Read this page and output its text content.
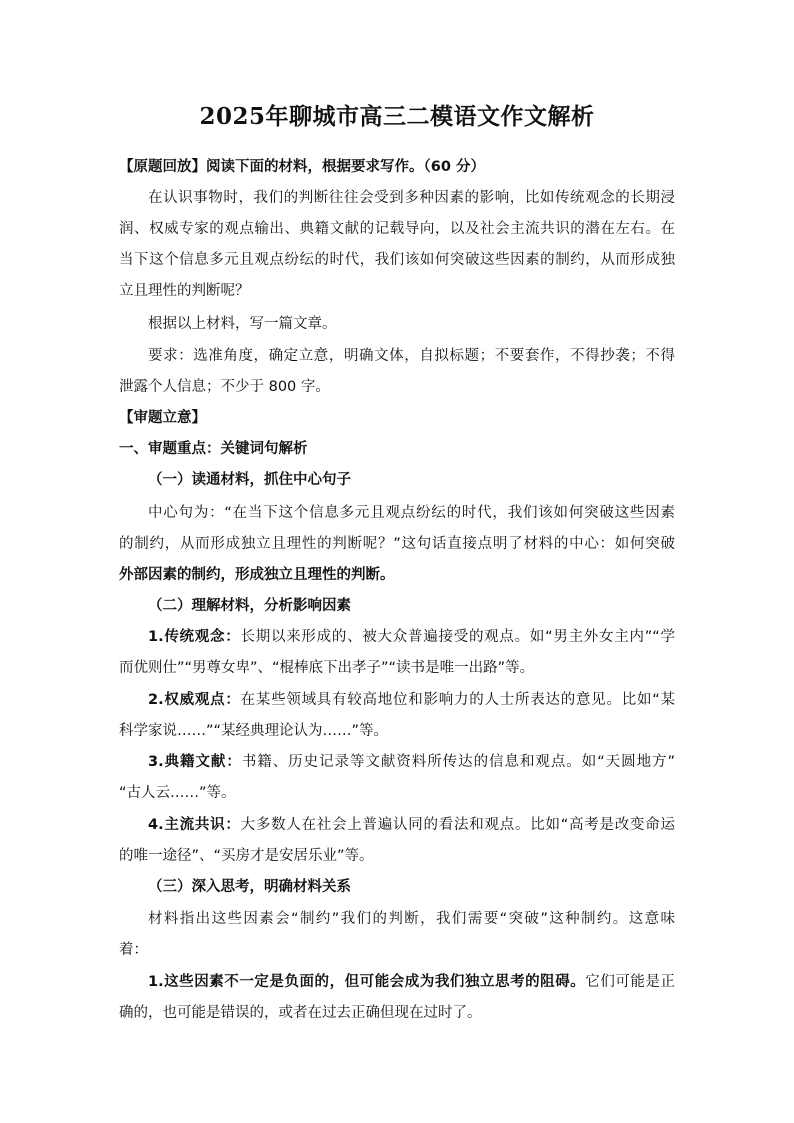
2025年聊城市高三二模语文作文解析
【原题回放】阅读下面的材料，根据要求写作。（60 分）
在认识事物时，我们的判断往往会受到多种因素的影响，比如传统观念的长期浸
润、权威专家的观点输出、典籍文献的记载导向，以及社会主流共识的潜在左右。在
当下这个信息多元且观点纷纭的时代，我们该如何突破这些因素的制约，从而形成独
立且理性的判断呢？
根据以上材料，写一篇文章。
要求：选准角度，确定立意，明确文体，自拟标题；不要套作，不得抄袭；不得
泄露个人信息；不少于 800 字。
【审题立意】
一、审题重点：关键词句解析
（一）读通材料，抓住中心句子
中心句为：“在当下这个信息多元且观点纷纭的时代，我们该如何突破这些因素
的制约，从而形成独立且理性的判断呢？”这句话直接点明了材料的中心：如何突破
外部因素的制约，形成独立且理性的判断。
（二）理解材料，分析影响因素
1.传统观念：长期以来形成的、被大众普遍接受的观点。如“男主外女主内”“学
而优则仕”“男尊女卑”、“棍棒底下出孝子”“读书是唯一出路”等。
2.权威观点：在某些领域具有较高地位和影响力的人士所表达的意见。比如“某
科学家说……”“某经典理论认为……”等。
3.典籍文献：书籍、历史记录等文献资料所传达的信息和观点。如“天圆地方”
“古人云……”等。
4.主流共识：大多数人在社会上普遍认同的看法和观点。比如“高考是改变命运
的唯一途径”、“买房才是安居乐业”等。
（三）深入思考，明确材料关系
材料指出这些因素会“制约”我们的判断，我们需要“突破”这种制约。这意味
着：
1.这些因素不一定是负面的，但可能会成为我们独立思考的阻碍。它们可能是正
确的，也可能是错误的，或者在过去正确但现在过时了。
